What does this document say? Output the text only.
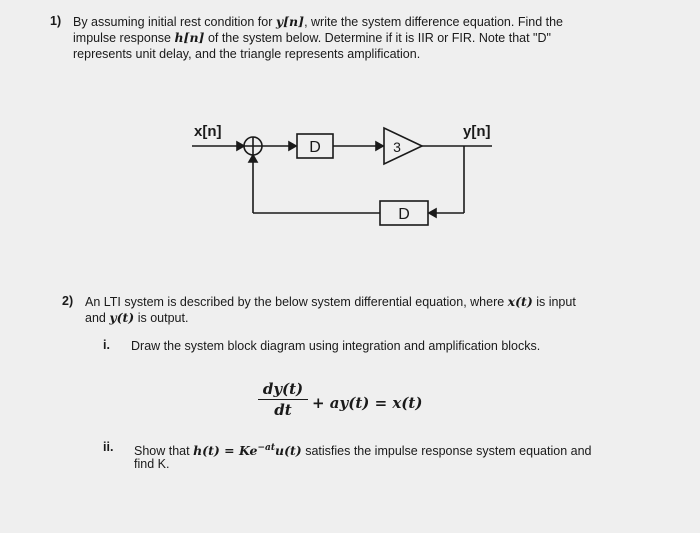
1) By assuming initial rest condition for y[n], write the system difference equation. Find the
impulse response h[n] of the system below. Determine if it is IIR or FIR. Note that "D"
represents unit delay, and the triangle represents amplification.
x[n]	y[n]
D	3
D
2) An LTI system is described by the below system differential equation, where x(t) is input
and y(t) is output.
i. Draw the system block diagram using integration and amplification blocks.
dy(t)
dt	+ ay(t) = x(t)
ii. Show that $h(t) = Ke^{-at}u(t)$ satisfies the impulse response system equation and
find K.
